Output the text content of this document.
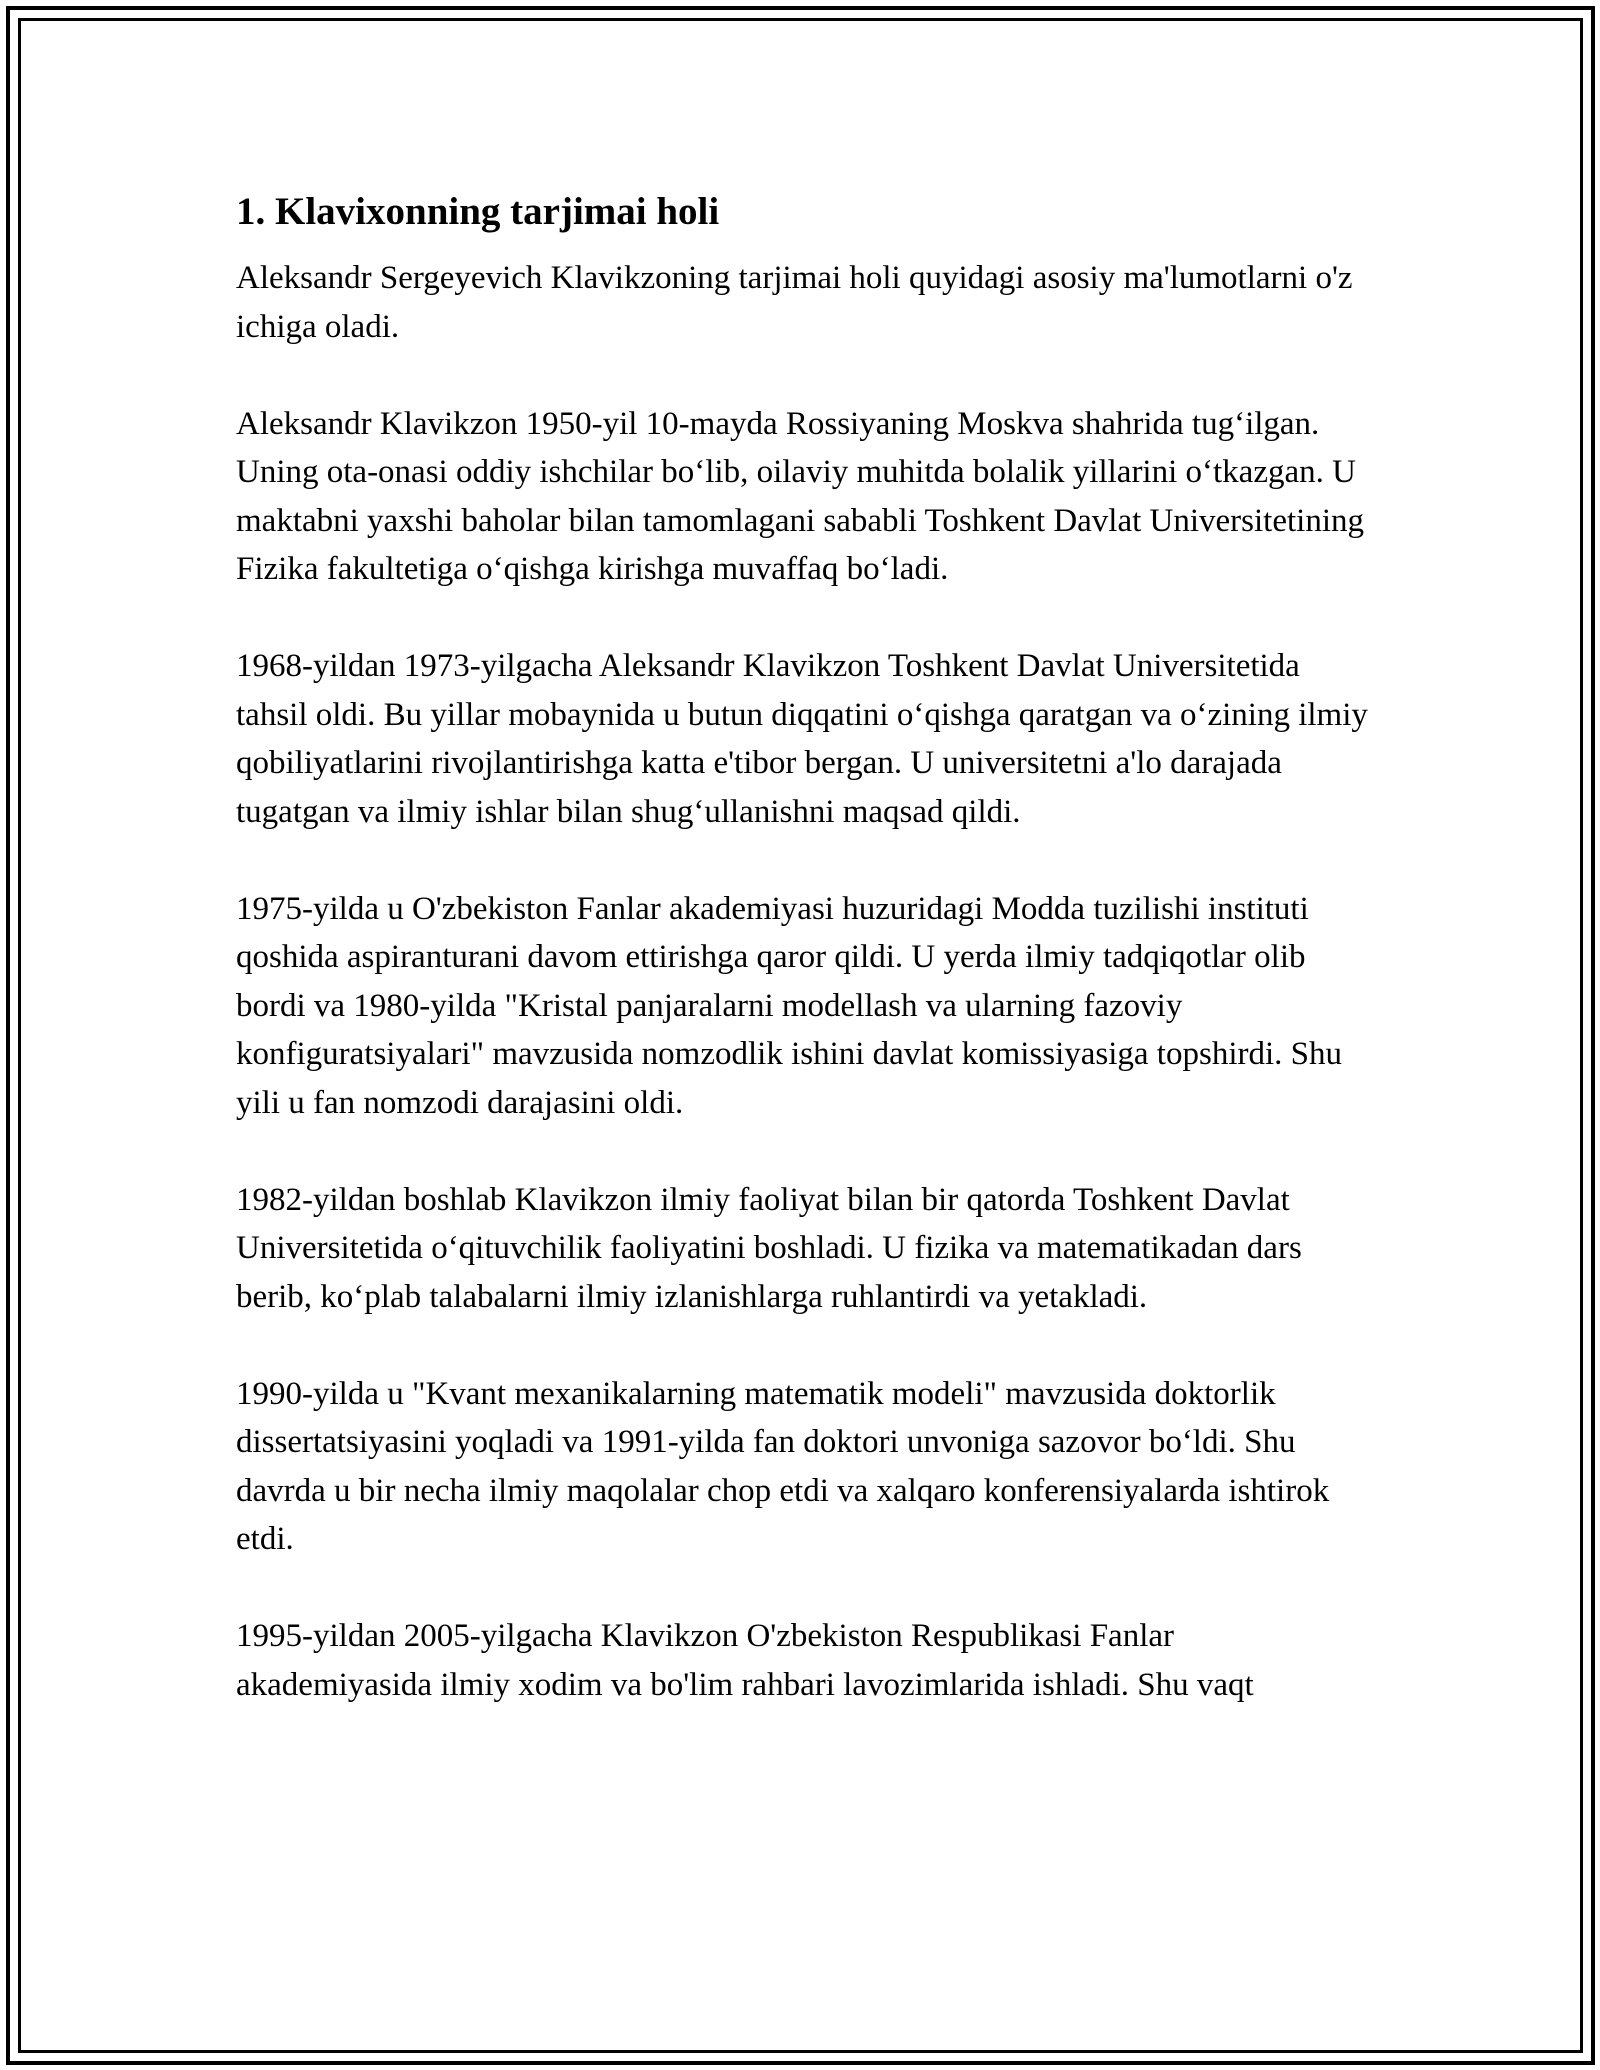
1. Klavixonning tarjimai holi

Aleksandr Sergeyevich Klavikzoning tarjimai holi quyidagi asosiy ma'lumotlarni o'z ichiga oladi.

Aleksandr Klavikzon 1950-yil 10-mayda Rossiyaning Moskva shahrida tug‘ilgan. Uning ota-onasi oddiy ishchilar bo‘lib, oilaviy muhitda bolalik yillarini o‘tkazgan. U maktabni yaxshi baholar bilan tamomlagani sababli Toshkent Davlat Universitetining Fizika fakultetiga o‘qishga kirishga muvaffaq bo‘ladi.

1968-yildan 1973-yilgacha Aleksandr Klavikzon Toshkent Davlat Universitetida tahsil oldi. Bu yillar mobaynida u butun diqqatini o‘qishga qaratgan va o‘zining ilmiy qobiliyatlarini rivojlantirishga katta e'tibor bergan. U universitetni a'lo darajada tugatgan va ilmiy ishlar bilan shug‘ullanishni maqsad qildi.

1975-yilda u O'zbekiston Fanlar akademiyasi huzuridagi Modda tuzilishi instituti qoshida aspiranturani davom ettirishga qaror qildi. U yerda ilmiy tadqiqotlar olib bordi va 1980-yilda "Kristal panjaralarni modellash va ularning fazoviy konfiguratsiyalari" mavzusida nomzodlik ishini davlat komissiyasiga topshirdi. Shu yili u fan nomzodi darajasini oldi.

1982-yildan boshlab Klavikzon ilmiy faoliyat bilan bir qatorda Toshkent Davlat Universitetida o‘qituvchilik faoliyatini boshladi. U fizika va matematikadan dars berib, ko‘plab talabalarni ilmiy izlanishlarga ruhlantirdi va yetakladi.

1990-yilda u "Kvant mexanikalarning matematik modeli" mavzusida doktorlik dissertatsiyasini yoqladi va 1991-yilda fan doktori unvoniga sazovor bo‘ldi. Shu davrda u bir necha ilmiy maqolalar chop etdi va xalqaro konferensiyalarda ishtirok etdi.

1995-yildan 2005-yilgacha Klavikzon O'zbekiston Respublikasi Fanlar akademiyasida ilmiy xodim va bo'lim rahbari lavozimlarida ishladi. Shu vaqt
